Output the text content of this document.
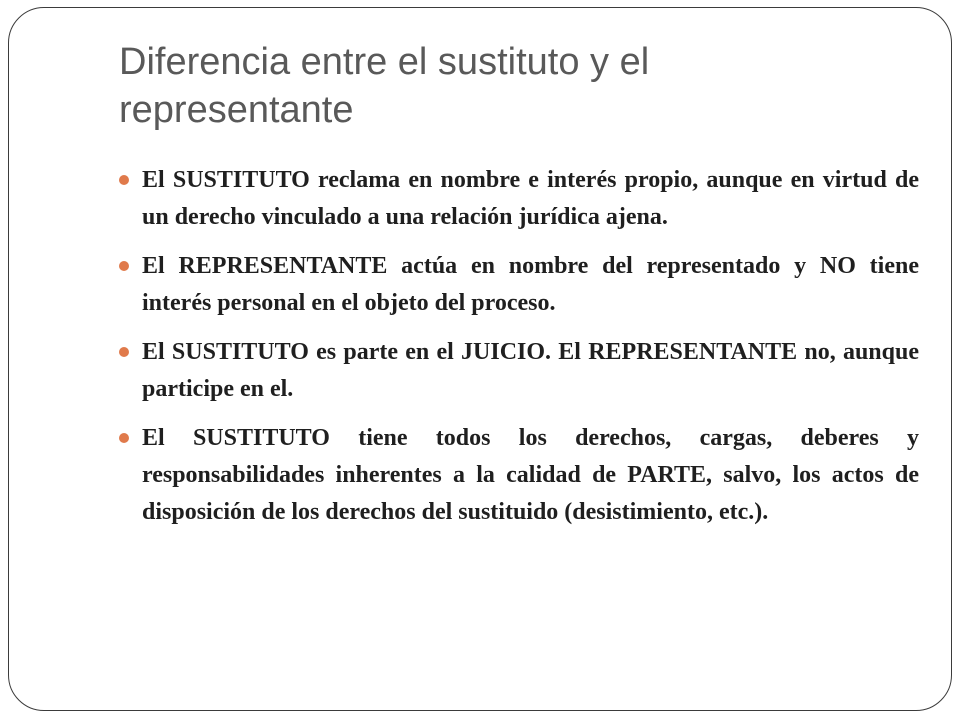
Diferencia entre el sustituto y el representante
El SUSTITUTO reclama en nombre e interés propio, aunque en virtud de un derecho vinculado a una relación jurídica ajena.
El REPRESENTANTE actúa en nombre del representado y NO tiene interés personal en el objeto del proceso.
El SUSTITUTO es parte en el JUICIO. El REPRESENTANTE no, aunque participe en el.
El SUSTITUTO tiene todos los derechos, cargas, deberes y responsabilidades inherentes a la calidad de PARTE, salvo, los actos de disposición de los derechos del sustituido (desistimiento, etc.).
